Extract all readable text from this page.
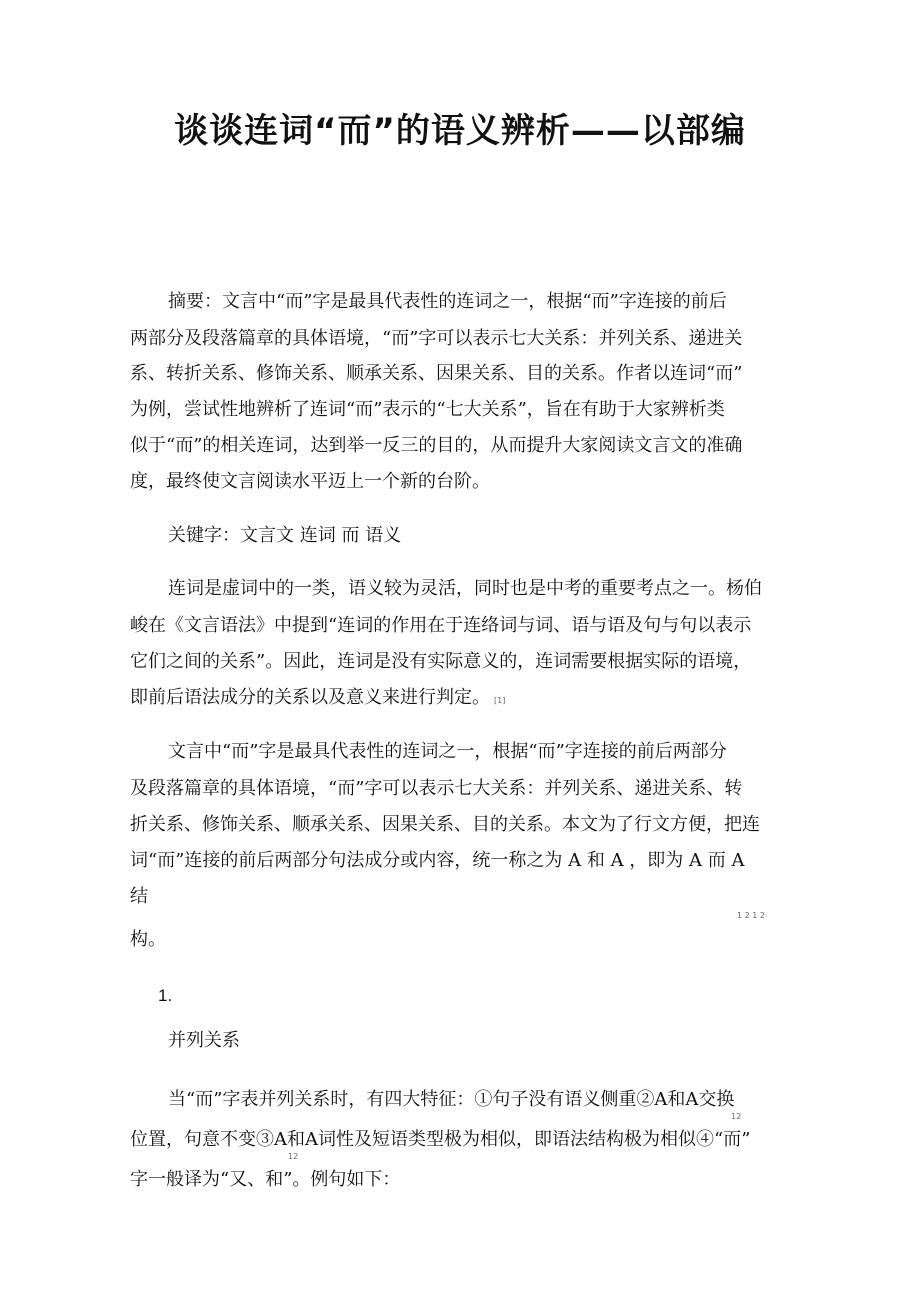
谈谈连词“而”的语义辨析——以部编

摘要：文言中“而”字是最具代表性的连词之一，根据“而”字连接的前后

两部分及段落篇章的具体语境，“而”字可以表示七大关系：并列关系、递进关

系、转折关系、修饰关系、顺承关系、因果关系、目的关系。作者以连词“而”

为例，尝试性地辨析了连词“而”表示的“七大关系”，旨在有助于大家辨析类

似于“而”的相关连词，达到举一反三的目的，从而提升大家阅读文言文的准确

度，最终使文言阅读水平迈上一个新的台阶。

关键字：文言文 连词 而 语义

连词是虚词中的一类，语义较为灵活，同时也是中考的重要考点之一。杨伯

峻在《文言语法》中提到“连词的作用在于连络词与词、语与语及句与句以表示

它们之间的关系”。因此，连词是没有实际意义的，连词需要根据实际的语境，

即前后语法成分的关系以及意义来进行判定。 [1]

文言中“而”字是最具代表性的连词之一，根据“而”字连接的前后两部分

及段落篇章的具体语境，“而”字可以表示七大关系：并列关系、递进关系、转

折关系、修饰关系、顺承关系、因果关系、目的关系。本文为了行文方便，把连

词“而”连接的前后两部分句法成分或内容，统一称之为 A 和 A ，即为 A 而 A

结

1 2 1 2

构。

1.

并列关系

当“而”字表并列关系时，有四大特征：①句子没有语义侧重②A和A交换

12

位置，句意不变③A和A词性及短语类型极为相似，即语法结构极为相似④“而”

12

字一般译为“又、和”。例句如下：
